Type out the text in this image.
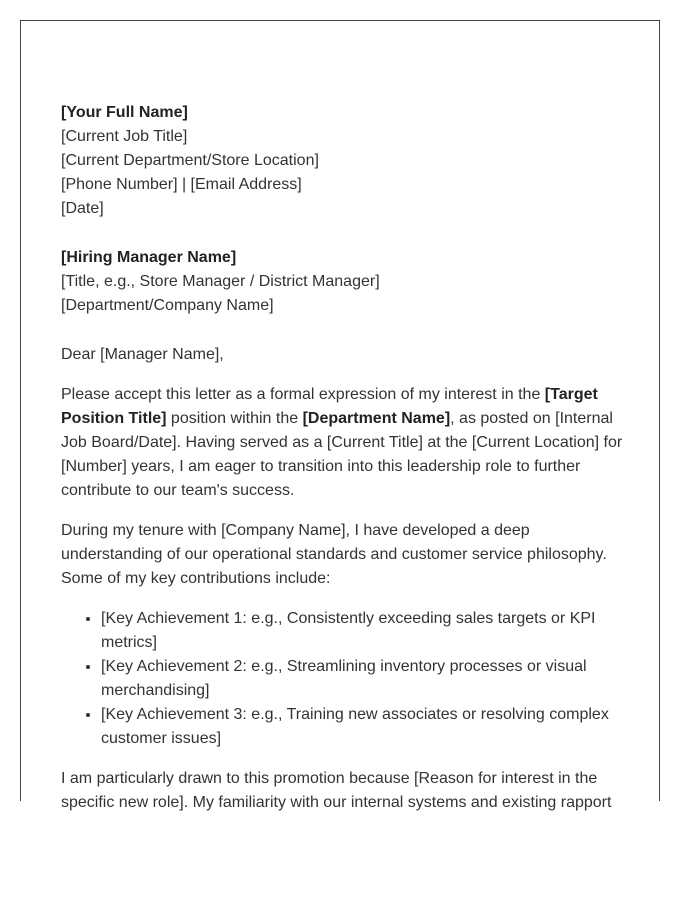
[Your Full Name]
[Current Job Title]
[Current Department/Store Location]
[Phone Number] | [Email Address]
[Date]
[Hiring Manager Name]
[Title, e.g., Store Manager / District Manager]
[Department/Company Name]

Dear [Manager Name],

Please accept this letter as a formal expression of my interest in the [Target Position Title] position within the [Department Name], as posted on [Internal Job Board/Date]. Having served as a [Current Title] at the [Current Location] for [Number] years, I am eager to transition into this leadership role to further contribute to our team's success.

During my tenure with [Company Name], I have developed a deep understanding of our operational standards and customer service philosophy. Some of my key contributions include:

• [Key Achievement 1: e.g., Consistently exceeding sales targets or KPI metrics]
• [Key Achievement 2: e.g., Streamlining inventory processes or visual merchandising]
• [Key Achievement 3: e.g., Training new associates or resolving complex customer issues]

I am particularly drawn to this promotion because [Reason for interest in the specific new role]. My familiarity with our internal systems and existing rapport
